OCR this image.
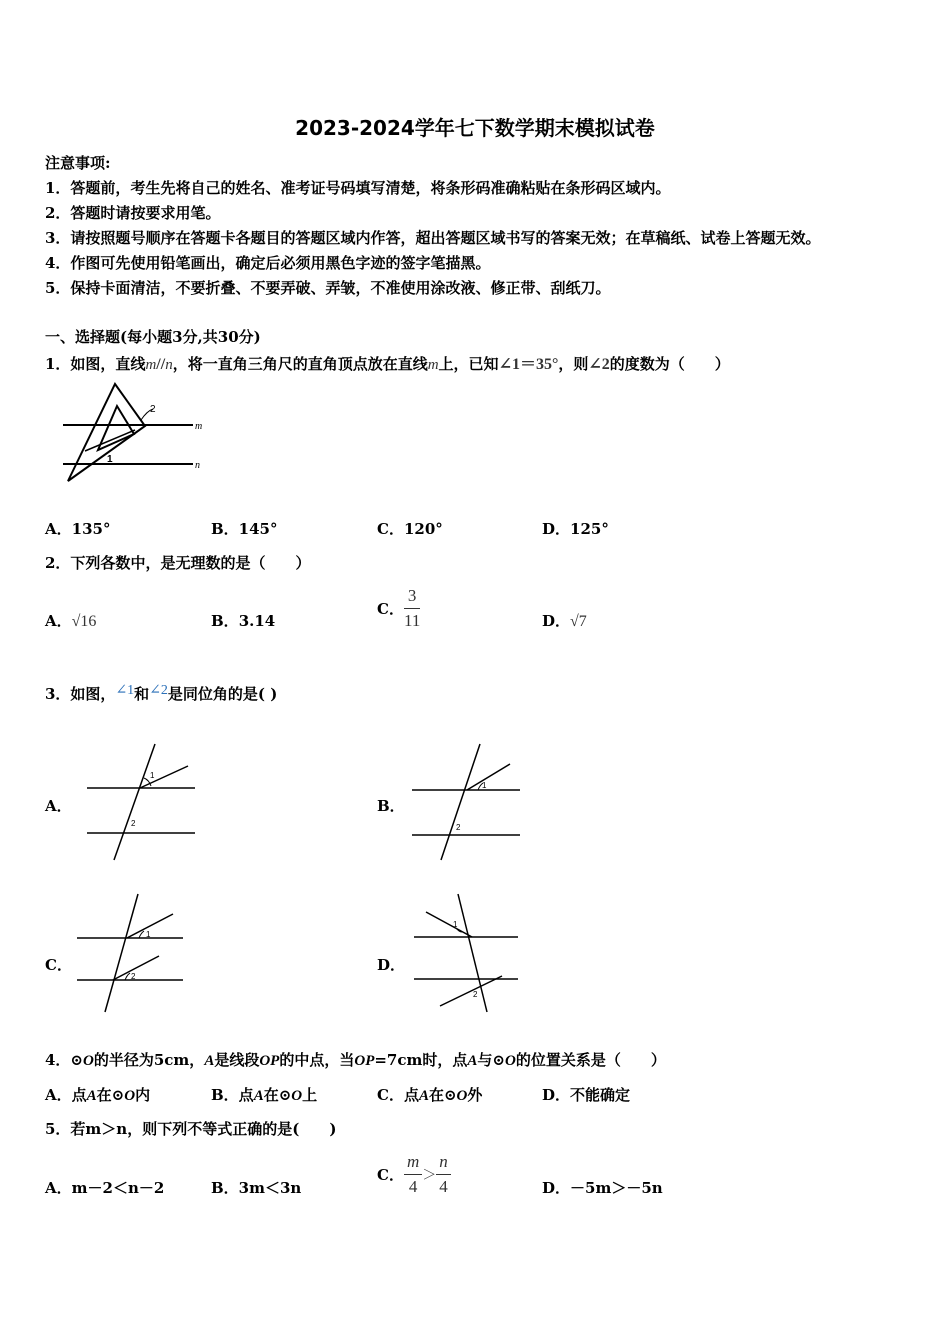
2023-2024学年七下数学期末模拟试卷
注意事项:
1．答题前，考生先将自己的姓名、准考证号码填写清楚，将条形码准确粘贴在条形码区域内。
2．答题时请按要求用笔。
3．请按照题号顺序在答题卡各题目的答题区域内作答，超出答题区域书写的答案无效；在草稿纸、试卷上答题无效。
4．作图可先使用铅笔画出，确定后必须用黑色字迹的签字笔描黑。
5．保持卡面清洁，不要折叠、不要弄破、弄皱，不准使用涂改液、修正带、刮纸刀。
一、选择题(每小题3分,共30分)
1．如图，直线m//n，将一直角三角尺的直角顶点放在直线m上，已知∠1＝35°，则∠2的度数为（　　）
m
n
1
2
A．135°	B．145°	C．120°	D．125°
2．下列各数中，是无理数的是（　　）
A．√16	B．3.14
C． $\frac{3}{11}$	D．√7
3．如图，∠1和∠2是同位角的是( )
A．	B．
C．	D．
1
2
1
2
1
2
1
2
4．⊙O的半径为5cm，A是线段OP的中点，当OP=7cm时，点A与⊙O的位置关系是（　　）
A．点A在⊙O内	B．点A在⊙O上	C．点A在⊙O外	D．不能确定
5．若m＞n，则下列不等式正确的是(　　)
A．m－2＜n－2	B．3m＜3n
C． $\frac{m}{4} > \frac{n}{4}$	D．－5m＞－5n
